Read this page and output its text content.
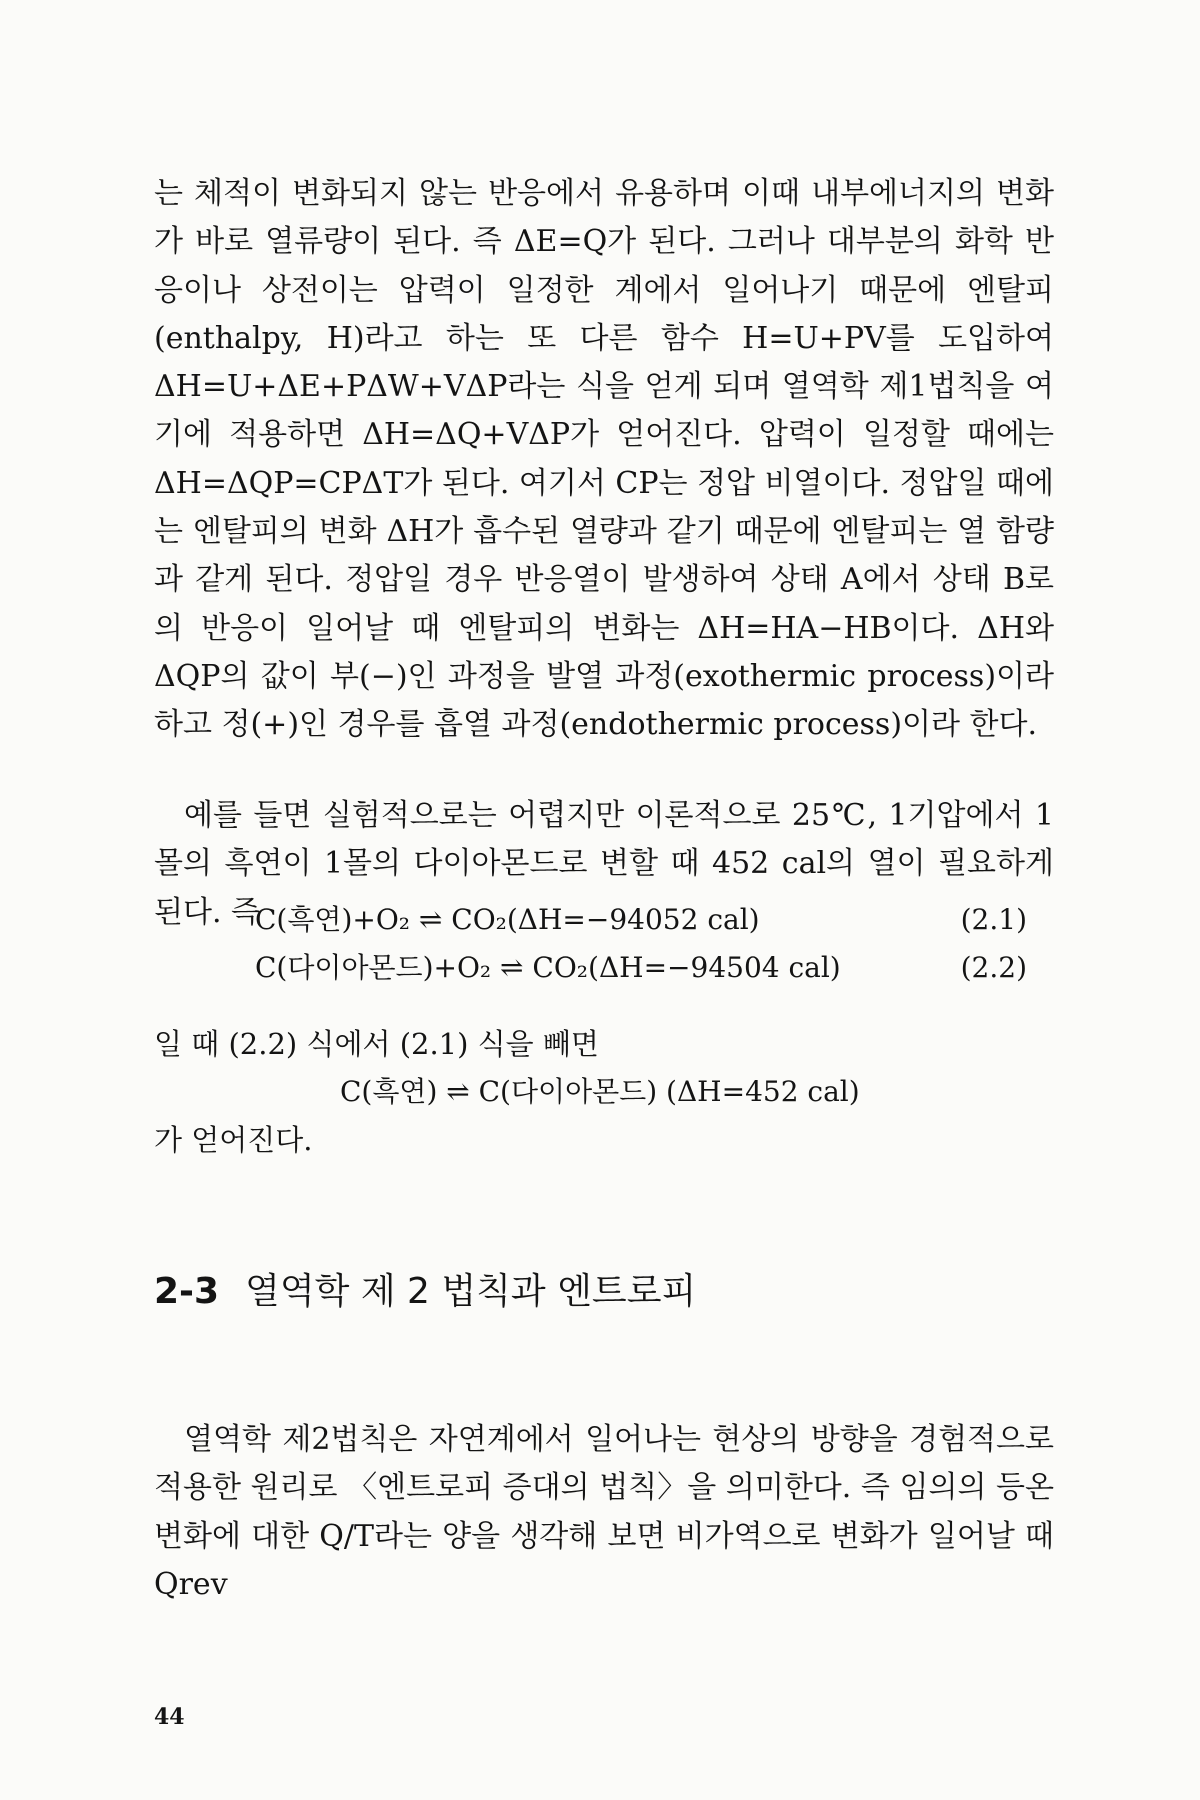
는 체적이 변화되지 않는 반응에서 유용하며 이때 내부에너지의 변화가 바로 열류량이 된다. 즉 ΔE=Q가 된다. 그러나 대부분의 화학 반응이나 상전이는 압력이 일정한 계에서 일어나기 때문에 엔탈피(enthalpy, H)라고 하는 또 다른 함수 H=U+PV를 도입하여 ΔH=U+ΔE+PΔW+VΔP라는 식을 얻게 되며 열역학 제1법칙을 여기에 적용하면 ΔH=ΔQ+VΔP가 얻어진다. 압력이 일정할 때에는 ΔH=ΔQP=CPΔT가 된다. 여기서 CP는 정압 비열이다. 정압일 때에는 엔탈피의 변화 ΔH가 흡수된 열량과 같기 때문에 엔탈피는 열 함량과 같게 된다. 정압일 경우 반응열이 발생하여 상태 A에서 상태 B로의 반응이 일어날 때 엔탈피의 변화는 ΔH=HA−HB이다. ΔH와 ΔQP의 값이 부(−)인 과정을 발열 과정(exothermic process)이라 하고 정(+)인 경우를 흡열 과정(endothermic process)이라 한다.
예를 들면 실험적으로는 어렵지만 이론적으로 25℃, 1기압에서 1몰의 흑연이 1몰의 다이아몬드로 변할 때 452 cal의 열이 필요하게 된다. 즉
C(흑연)+O₂ ⇌ CO₂(ΔH=−94052 cal)	(2.1)
C(다이아몬드)+O₂ ⇌ CO₂(ΔH=−94504 cal)	(2.2)
일 때 (2.2) 식에서 (2.1) 식을 빼면
C(흑연) ⇌ C(다이아몬드) (ΔH=452 cal)
가 얻어진다.
2-3 열역학 제 2 법칙과 엔트로피
열역학 제2법칙은 자연계에서 일어나는 현상의 방향을 경험적으로 적용한 원리로 〈엔트로피 증대의 법칙〉을 의미한다. 즉 임의의 등온 변화에 대한 Q/T라는 양을 생각해 보면 비가역으로 변화가 일어날 때 Qrev
44
